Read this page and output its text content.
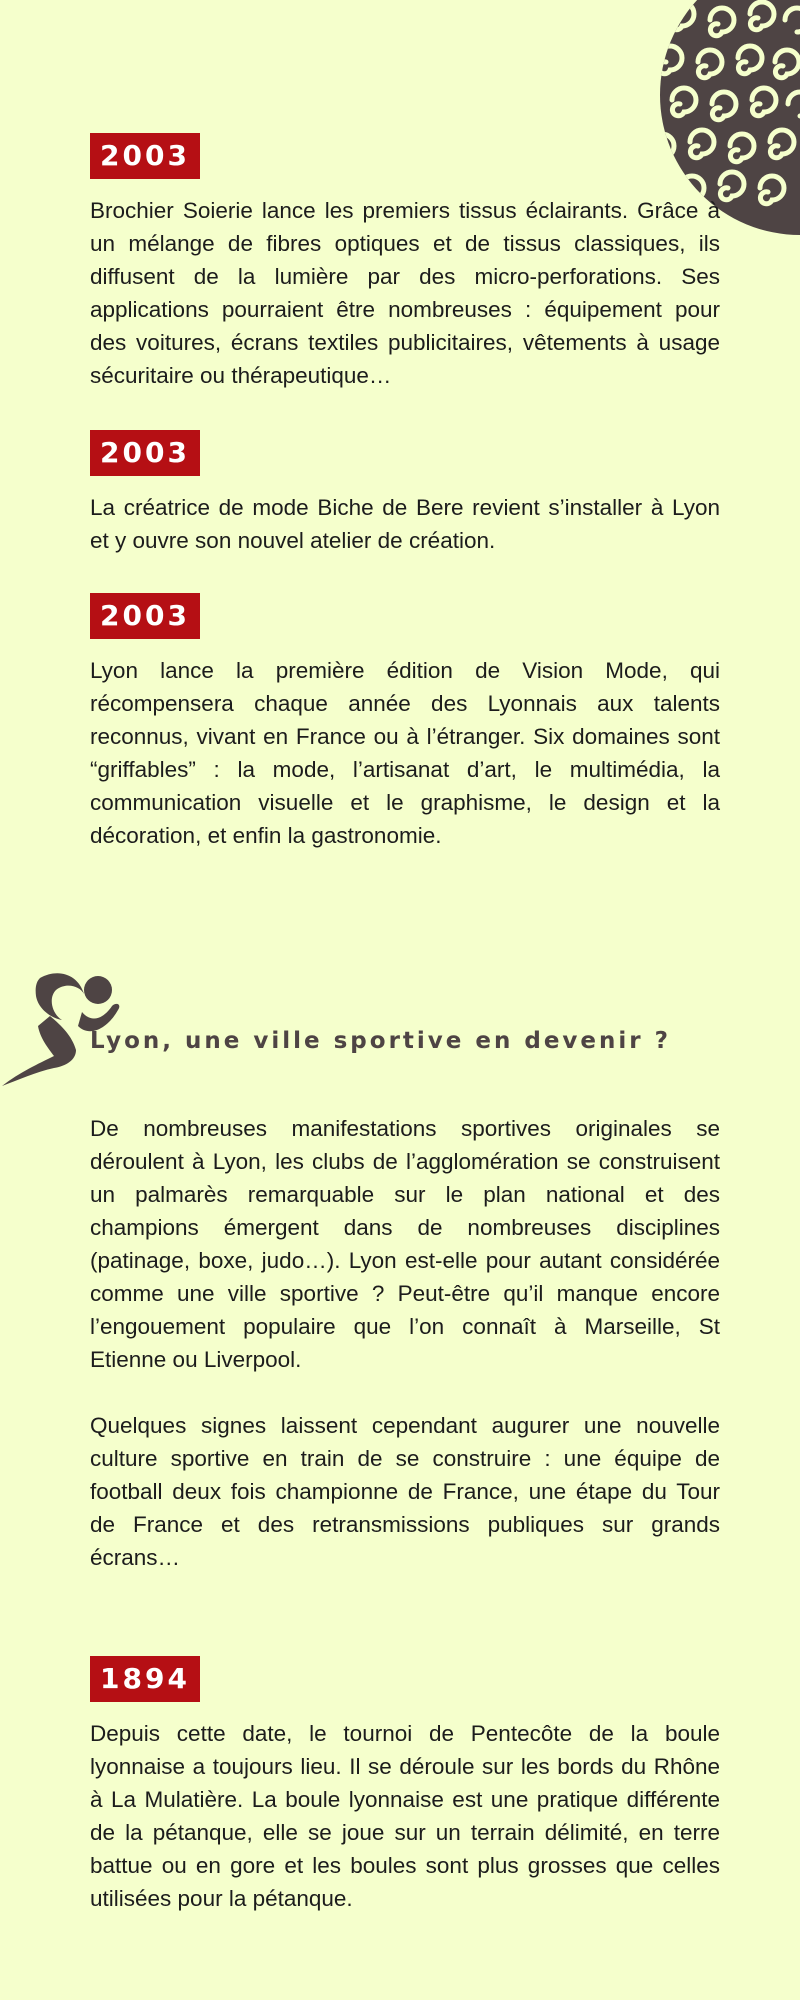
2003

Brochier Soierie lance les premiers tissus éclairants. Grâce à un mélange de fibres optiques et de tissus classiques, ils diffusent de la lumière par des micro-perforations. Ses applications pourraient être nombreuses : équipement pour des voitures, écrans textiles publicitaires, vêtements à usage sécuritaire ou thérapeutique…

2003

La créatrice de mode Biche de Bere revient s’installer à Lyon et y ouvre son nouvel atelier de création.

2003

Lyon lance la première édition de Vision Mode, qui récompensera chaque année des Lyonnais aux talents reconnus, vivant en France ou à l’étranger. Six domaines sont “griffables” : la mode, l’artisanat d’art, le multimédia, la communication visuelle et le graphisme, le design et la décoration, et enfin la gastronomie.

Lyon, une ville sportive en devenir ?

De nombreuses manifestations sportives originales se déroulent à Lyon, les clubs de l’agglomération se construisent un palmarès remarquable sur le plan national et des champions émergent dans de nombreuses disciplines (patinage, boxe, judo…). Lyon est-elle pour autant considérée comme une ville sportive ? Peut-être qu’il manque encore l’engouement populaire que l’on connaît à Marseille, St Etienne ou Liverpool.

Quelques signes laissent cependant augurer une nouvelle culture sportive en train de se construire : une équipe de football deux fois championne de France, une étape du Tour de France et des retransmissions publiques sur grands écrans…

1894

Depuis cette date, le tournoi de Pentecôte de la boule lyonnaise a toujours lieu. Il se déroule sur les bords du Rhône à La Mulatière. La boule lyonnaise est une pratique différente de la pétanque, elle se joue sur un terrain délimité, en terre battue ou en gore et les boules sont plus grosses que celles utilisées pour la pétanque.
